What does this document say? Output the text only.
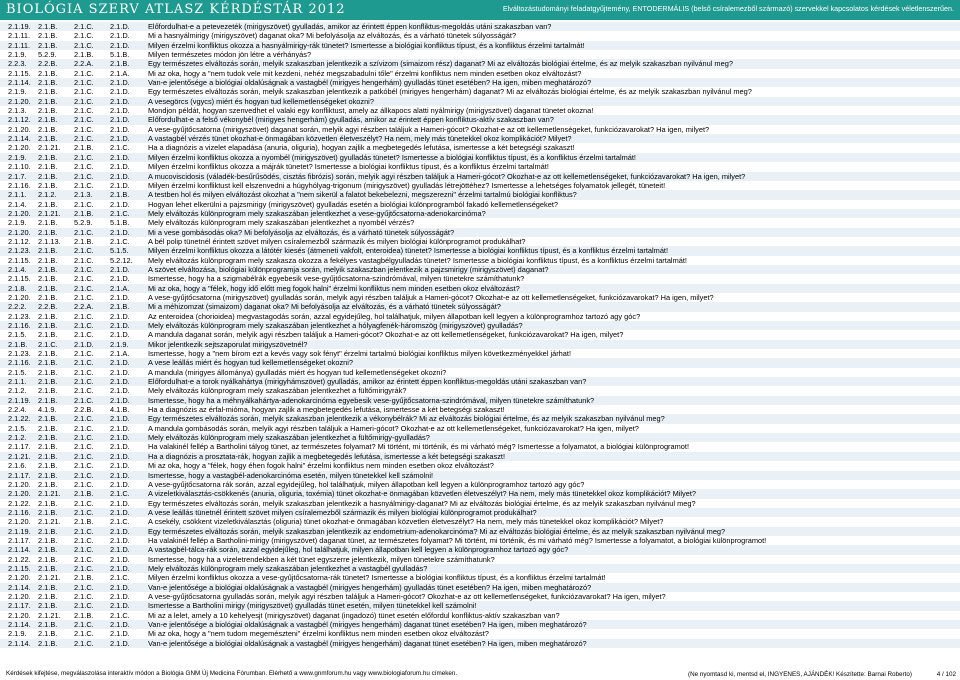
BIOLÓGIA SZERV ATLASZ KÉRDÉSTÁR 2012	Elváltozástudományi feladatgyűjtemény, ENTODERMÁLIS (belső csíralemezből származó) szervekkel kapcsolatos kérdések véletlenszerűen.
2.1.19. 2.1.B.	2.1.C.	2.1.D.	Előfordulhat-e a petevezeték (mirigyszövet) gyulladás, amikor az érintett éppen konfliktus-megoldás utáni szakaszban van?
2.1.11.	2.1.B.	2.1.C.	2.1.D.	Mi a hasnyálmirigy (mirigyszövet) daganat oka? Mi befolyásolja az elváltozás, és a várható tünetek súlyosságát?
2.1.11.	2.1.B.	2.1.C.	2.1.D.	Milyen érzelmi konfliktus okozza a hasnyálmirigy-rák tünetet? Ismertesse a biológiai konfliktus típust, és a konfliktus érzelmi tartalmát!
2.1.9.	5.2.9.	2.1.B.	5.1.B.	Milyen természetes módon jön létre a vérhányás?
2.2.3.	2.2.B.	2.2.A.	2.1.B.	Egy természetes elváltozás során, melyik szakaszban jelentkezik a szívizom (simaizom rész) daganat? Mi az elváltozás biológiai értelme, és az melyik szakaszban nyilvánul meg?
2.1.15. 2.1.B.	2.1.C.	2.1.A.	Mi az oka, hogy a "nem tudok vele mit kezdeni, nehéz megszabadulni tőle" érzelmi konfliktus nem minden esetben okoz elváltozást?
2.1.14. 2.1.B.	2.1.C.	2.1.D.	Van-e jelentősége a biológiai oldalúságnak a vastagbél (mirigyes hengerhám) gyulladás tünet esetében? Ha igen, miben meghatározó?
2.1.9.	2.1.B.	2.1.C.	2.1.D.	Egy természetes elváltozás során, melyik szakaszban jelentkezik a patkóbél (mirigyes hengerhám) daganat? Mi az elváltozás biológiai értelme, és az melyik szakaszban nyilvánul meg?
2.1.20. 2.1.B.	2.1.C.	2.1.D.	A vesegörcs (vgycs) miért és hogyan tud kellemetlenségeket okozni?
2.1.3.	2.1.B.	2.1.C.	2.1.D.	Mondjon példát, hogyan szenvedhet el valaki egy konfliktust, amely az állkapocs alatti nyálmirigy (mirigyszövet) daganat tünetet okozna!
2.1.12. 2.1.B.	2.1.C.	2.1.D.	Előfordulhat-e a felső vékonybél (mirigyes hengerhám) gyulladás, amikor az érintett éppen konfliktus-aktív szakaszban van?
2.1.20. 2.1.B.	2.1.C.	2.1.D.	A vese-gyűjtőcsatorna (mirigyszövet) daganat során, melyik agyi részben találjuk a Hameri-gócot? Okozhat-e az ott kellemetlenségeket, funkciózavarokat? Ha igen, milyet?
2.1.14. 2.1.B.	2.1.C.	2.1.D.	A vastagbél vérzés tünet okozhat-e önmagában közvetlen életveszélyt? Ha nem, mely más tünetekkel okoz komplikációt? Milyet?
2.1.20. 2.1.21.	2.1.B.	2.1.C.	Ha a diagnózis a vizelet elapadása (anuria, oliguria), hogyan zajlik a megbetegedés lefutása, ismertesse a két betegségi szakaszt!
2.1.9.	2.1.B.	2.1.C.	2.1.D.	Milyen érzelmi konfliktus okozza a nyombél (mirigyszövet) gyulladás tünetet? Ismertesse a biológiai konfliktus típust, és a konfliktus érzelmi tartalmát!
2.1.10. 2.1.B.	2.1.C.	2.1.D.	Milyen érzelmi konfliktus okozza a májrák tünetet? Ismertesse a biológiai konfliktus típust, és a konfliktus érzelmi tartalmát!
2.1.7.	2.1.B.	2.1.C.	2.1.D.	A mucoviscidosis (váladék-besűrűsödés, cisztás fibrózis) során, melyik agyi részben találjuk a Hameri-gócot? Okozhat-e az ott kellemetlenségeket, funkciózavarokat? Ha igen, milyet?
2.1.16. 2.1.B.	2.1.C.	2.1.D.	Milyen érzelmi konfliktust kell elszenvedni a húgyhólyag-trigonum (mirigyszövet) gyulladás létrejöttéhez? Ismertesse a lehetséges folyamatok jellegét, tüneteit!
2.1.1.	2.1.2.	2.1.3.	2.1.B.	A testben hol és milyen elváltozást okozhat a "nem sikerül a falatot bekebelezni, megszerezni" érzelmi tartalmú biológiai konfliktus?
2.1.4.	2.1.B.	2.1.C.	2.1.D.	Hogyan lehet elkerülni a pajzsmirigy (mirigyszövet) gyulladás esetén a biológiai különprogramból fakadó kellemetlenségeket?
2.1.20. 2.1.21.	2.1.B.	2.1.C.	Mely elváltozás különprogram mely szakaszában jelentkezhet a vese-gyűjtőcsatorna-adenokarcinóma?
2.1.9.	2.1.B.	5.2.9.	5.1.B.	Mely elváltozás különprogram mely szakaszában jelentkezhet a nyombél vérzés?
2.1.20. 2.1.B.	2.1.C.	2.1.D.	Mi a vese gombásodás oka? Mi befolyásolja az elváltozás, és a várható tünetek súlyosságát?
2.1.12. 2.1.13.	2.1.B.	2.1.C.	A bél polip tünetnél érintett szövet milyen csíralemezből származik és milyen biológiai különprogramot produkálhat?
2.1.23. 2.1.B.	2.1.C.	5.1.5.	Milyen érzelmi konfliktus okozza a látótér kiesés (átmeneti vakfolt, enteroidea) tünetet? Ismertesse a biológiai konfliktus típust, és a konfliktus érzelmi tartalmát!
2.1.15. 2.1.B.	2.1.C.	5.2.12.	Mely elváltozás különprogram mely szakasza okozza a fekélyes vastagbélgyulladás tünetet? Ismertesse a biológiai konfliktus típust, és a konfliktus érzelmi tartalmát!
2.1.4.	2.1.B.	2.1.C.	2.1.D.	A szövet elváltozása, biológiai különprogramja során, melyik szakaszban jelentkezik a pajzsmirigy (mirigyszövet) daganat?
2.1.15. 2.1.B.	2.1.C.	2.1.D.	Ismertesse, hogy ha a szigmabélrák egyebesik vese-gyűjtőcsatorna-szindrómával, milyen tünetekre számíthatunk?
2.1.8.	2.1.B.	2.1.C.	2.1.A.	Mi az oka, hogy a "félek, hogy idő előtt meg fogok halni" érzelmi konfliktus nem minden esetben okoz elváltozást?
2.1.20. 2.1.B.	2.1.C.	2.1.D.	A vese-gyűjtőcsatorna (mirigyszövet) gyulladás során, melyik agyi részben találjuk a Hameri-gócot? Okozhat-e az ott kellemetlenségeket, funkciózavarokat? Ha igen, milyet?
2.2.2.	2.2.B.	2.2.A.	2.1.B.	Mi a méhizomzat (simaizom) daganat oka? Mi befolyásolja az elváltozás, és a várható tünetek súlyosságát?
2.1.23. 2.1.B.	2.1.C.	2.1.D.	Az enteroidea (chorioidea) megvastagodás során, azzal egyidejűleg, hol találhatjuk, milyen állapotban kell legyen a különprogramhoz tartozó agy góc?
2.1.16. 2.1.B.	2.1.C.	2.1.D.	Mely elváltozás különprogram mely szakaszában jelentkezhet a hólyagfenék-háromszög (mirigyszövet) gyulladás?
2.1.5.	2.1.B.	2.1.C.	2.1.D.	A mandula daganat során, melyik agyi részben találjuk a Hameri-gócot? Okozhat-e az ott kellemetlenségeket, funkciózavarokat? Ha igen, milyet?
2.1.B.	2.1.C.	2.1.D.	2.1.9.	Mikor jelentkezik sejtszaporulat mirigyszövetnél?
2.1.23. 2.1.B.	2.1.C.	2.1.A.	Ismertesse, hogy a "nem bírom ezt a kevés vagy sok fényt" érzelmi tartalmú biológiai konfliktus milyen következményekkel járhat!
2.1.16. 2.1.B.	2.1.C.	2.1.D.	A vese leállás miért és hogyan tud kellemetlenségeket okozni?
2.1.5.	2.1.B.	2.1.C.	2.1.D.	A mandula (mirigyes állománya) gyulladás miért és hogyan tud kellemetlenségeket okozni?
2.1.1.	2.1.B.	2.1.C.	2.1.D.	Előfordulhat-e a torok nyálkahártya (mirigyhámszövet) gyulladás, amikor az érintett éppen konfliktus-megoldás utáni szakaszban van?
2.1.2.	2.1.B.	2.1.C.	2.1.D.	Mely elváltozás különprogram mely szakaszában jelentkezhet a fültőmirigyrák?
2.1.19. 2.1.B.	2.1.C.	2.1.D.	Ismertesse, hogy ha a méhnyálkahártya-adenokarcinóma egyebesik vese-gyűjtőcsatorna-szindrómával, milyen tünetekre számíthatunk?
2.2.4.	4.1.9.	2.2.B.	4.1.B.	Ha a diagnózis az érfal-mióma, hogyan zajlik a megbetegedés lefutása, ismertesse a két betegségi szakaszt!
2.1.22. 2.1.B.	2.1.C.	2.1.D.	Egy természetes elváltozás során, melyik szakaszban jelentkezik a vékonybélrák? Mi az elváltozás biológiai értelme, és az melyik szakaszban nyilvánul meg?
2.1.5.	2.1.B.	2.1.C.	2.1.D.	A mandula gombásodás során, melyik agyi részben találjuk a Hameri-gócot? Okozhat-e az ott kellemetlenségeket, funkciózavarokat? Ha igen, milyet?
2.1.2.	2.1.B.	2.1.C.	2.1.D.	Mely elváltozás különprogram mely szakaszában jelentkezhet a fültőmirigy-gyulladás?
2.1.17. 2.1.B.	2.1.C.	2.1.D.	Ha valakinél fellép a Bartholini tályog tünet, az természetes folyamat? Mi történt, mi történik, és mi várható még? Ismertesse a folyamatot, a biológiai különprogramot!
2.1.21. 2.1.B.	2.1.C.	2.1.D.	Ha a diagnózis a prosztata-rák, hogyan zajlik a megbetegedés lefutása, ismertesse a két betegségi szakaszt!
2.1.6.	2.1.B.	2.1.C.	2.1.D.	Mi az oka, hogy a "félek, hogy éhen fogok halni" érzelmi konfliktus nem minden esetben okoz elváltozást?
2.1.17. 2.1.B.	2.1.C.	2.1.D.	Ismertesse, hogy a vastagbél-adenokarcinóma esetén, milyen tünetekkel kell számolni!
2.1.20. 2.1.B.	2.1.C.	2.1.D.	A vese-gyűjtőcsatorna rák során, azzal egyidejűleg, hol találhatjuk, milyen állapotban kell legyen a különprogramhoz tartozó agy góc?
2.1.20. 2.1.21.	2.1.B.	2.1.C.	A vizeletkiválasztás-csökkenés (anuria, oliguria, toxémia) tünet okozhat-e önmagában közvetlen életveszélyt? Ha nem, mely más tünetekkel okoz komplikációt? Milyet?
2.1.22. 2.1.B.	2.1.C.	2.1.D.	Egy természetes elváltozás során, melyik szakaszban jelentkezik a hasnyálmirigy-daganat? Mi az elváltozás biológiai értelme, és az melyik szakaszban nyilvánul meg?
2.1.16. 2.1.B.	2.1.C.	2.1.D.	A vese leállás tünetnél érintett szövet milyen csíralemezből származik és milyen biológiai különprogramot produkálhat?
2.1.20. 2.1.21.	2.1.B.	2.1.C.	A csekély, csökkent vizeletkiválasztás (oliguria) tünet okozhat-e önmagában közvetlen életveszélyt? Ha nem, mely más tünetekkel okoz komplikációt? Milyet?
2.1.19. 2.1.B.	2.1.C.	2.1.D.	Egy természetes elváltozás során, melyik szakaszban jelentkezik az endometrium-adenokarcinóma? Mi az elváltozás biológiai értelme, és az melyik szakaszban nyilvánul meg?
2.1.17. 2.1.B.	2.1.C.	2.1.D.	Ha valakinél fellép a Bartholini-mirigy (mirigyszövet) daganat tünet, az természetes folyamat? Mi történt, mi történik, és mi várható még? Ismertesse a folyamatot, a biológiai különprogramot!
2.1.14. 2.1.B.	2.1.C.	2.1.D.	A vastagbél-tálca-rák során, azzal egyidejűleg, hol találhatjuk, milyen állapotban kell legyen a különprogramhoz tartozó agy góc?
2.1.22. 2.1.B.	2.1.C.	2.1.D.	Ismertesse, hogy ha a vizeletrendekben a két tünet egyszerre jelentkezik, milyen tünetekre számíthatunk?
2.1.15. 2.1.B.	2.1.C.	2.1.D.	Mely elváltozás különprogram mely szakaszában jelentkezhet a vastagbél gyulladás?
2.1.20. 2.1.21.	2.1.B.	2.1.C.	Milyen érzelmi konfliktus okozza a vese-gyűjtőcsatorna-rák tünetet? Ismertesse a biológiai konfliktus típust, és a konfliktus érzelmi tartalmát!
2.1.14. 2.1.B.	2.1.C.	2.1.D.	Van-e jelentősége a biológiai oldalúságnak a vastagbél (mirigyes hengerhám) gyulladás tünet esetében? Ha igen, miben meghatározó?
2.1.20. 2.1.B.	2.1.C.	2.1.D.	A vese-gyűjtőcsatorna gyulladás során, melyik agyi részben találjuk a Hameri-gócot? Okozhat-e az ott kellemetlenségeket, funkciózavarokat? Ha igen, milyet?
2.1.17. 2.1.B.	2.1.C.	2.1.D.	Ismertesse a Bartholini mirigy (mirigyszövet) gyulladás tünet esetén, milyen tünetekkel kell számolni!
2.1.20. 2.1.21.	2.1.B.	2.1.C.	Mi az a lelet, amely a 10 kehelyesjt (mirigyszövet) daganat (ingadozó) tünet esetén előfordul konfliktus-aktív szakaszban van?
2.1.14. 2.1.B.	2.1.C.	2.1.D.	Van-e jelentősége a biológiai oldalúságnak a vastagbél (mirigyes hengerhám) daganat tünet esetében? Ha igen, miben meghatározó?
2.1.9.	2.1.B.	2.1.C.	2.1.D.	Mi az oka, hogy a "nem tudom megemészteni" érzelmi konfliktus nem minden esetben okoz elváltozást?
2.1.14. 2.1.B.	2.1.C.	2.1.D.	Van-e jelentősége a biológiai oldalúságnak a vastagbél (mirigyes hengerhám) daganat tünet esetében? Ha igen, miben meghatározó?
Kérdések kifejtése, megválaszolása interaktív módon a Biológia GNM Új Medicina Fórumban. Elérhető a www.gnmforum.hu vagy www.biologiaforum.hu címeken.	(Ne nyomtasd ki, mentsd el, INGYENES, AJÁNDÉK! Készítette: Barnai Roberto)	4 / 102
